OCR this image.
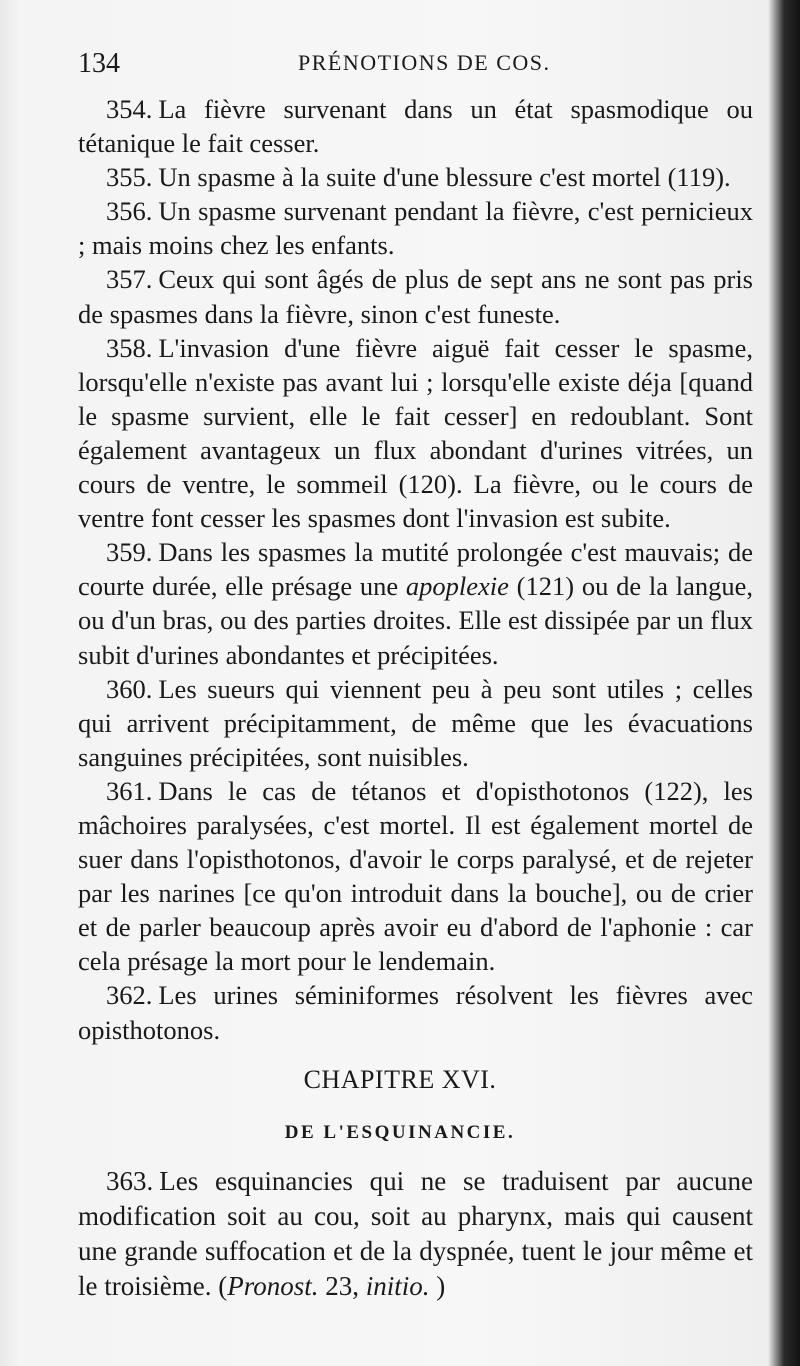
134	PRÉNOTIONS DE COS.

354. La fièvre survenant dans un état spasmodique ou tétanique le fait cesser.

355. Un spasme à la suite d'une blessure c'est mortel (119).

356. Un spasme survenant pendant la fièvre, c'est pernicieux ; mais moins chez les enfants.

357. Ceux qui sont âgés de plus de sept ans ne sont pas pris de spasmes dans la fièvre, sinon c'est funeste.

358. L'invasion d'une fièvre aiguë fait cesser le spasme, lorsqu'elle n'existe pas avant lui ; lorsqu'elle existe déja [quand le spasme survient, elle le fait cesser] en redoublant. Sont également avantageux un flux abondant d'urines vitrées, un cours de ventre, le sommeil (120). La fièvre, ou le cours de ventre font cesser les spasmes dont l'invasion est subite.

359. Dans les spasmes la mutité prolongée c'est mauvais; de courte durée, elle présage une apoplexie (121) ou de la langue, ou d'un bras, ou des parties droites. Elle est dissipée par un flux subit d'urines abondantes et précipitées.

360. Les sueurs qui viennent peu à peu sont utiles ; celles qui arrivent précipitamment, de même que les évacuations sanguines précipitées, sont nuisibles.

361. Dans le cas de tétanos et d'opisthotonos (122), les mâchoires paralysées, c'est mortel. Il est également mortel de suer dans l'opisthotonos, d'avoir le corps paralysé, et de rejeter par les narines [ce qu'on introduit dans la bouche], ou de crier et de parler beaucoup après avoir eu d'abord de l'aphonie : car cela présage la mort pour le lendemain.

362. Les urines séminiformes résolvent les fièvres avec opisthotonos.

CHAPITRE XVI.
DE L'ESQUINANCIE.

363. Les esquinancies qui ne se traduisent par aucune modification soit au cou, soit au pharynx, mais qui causent une grande suffocation et de la dyspnée, tuent le jour même et le troisième. (Pronost. 23, initio. )
